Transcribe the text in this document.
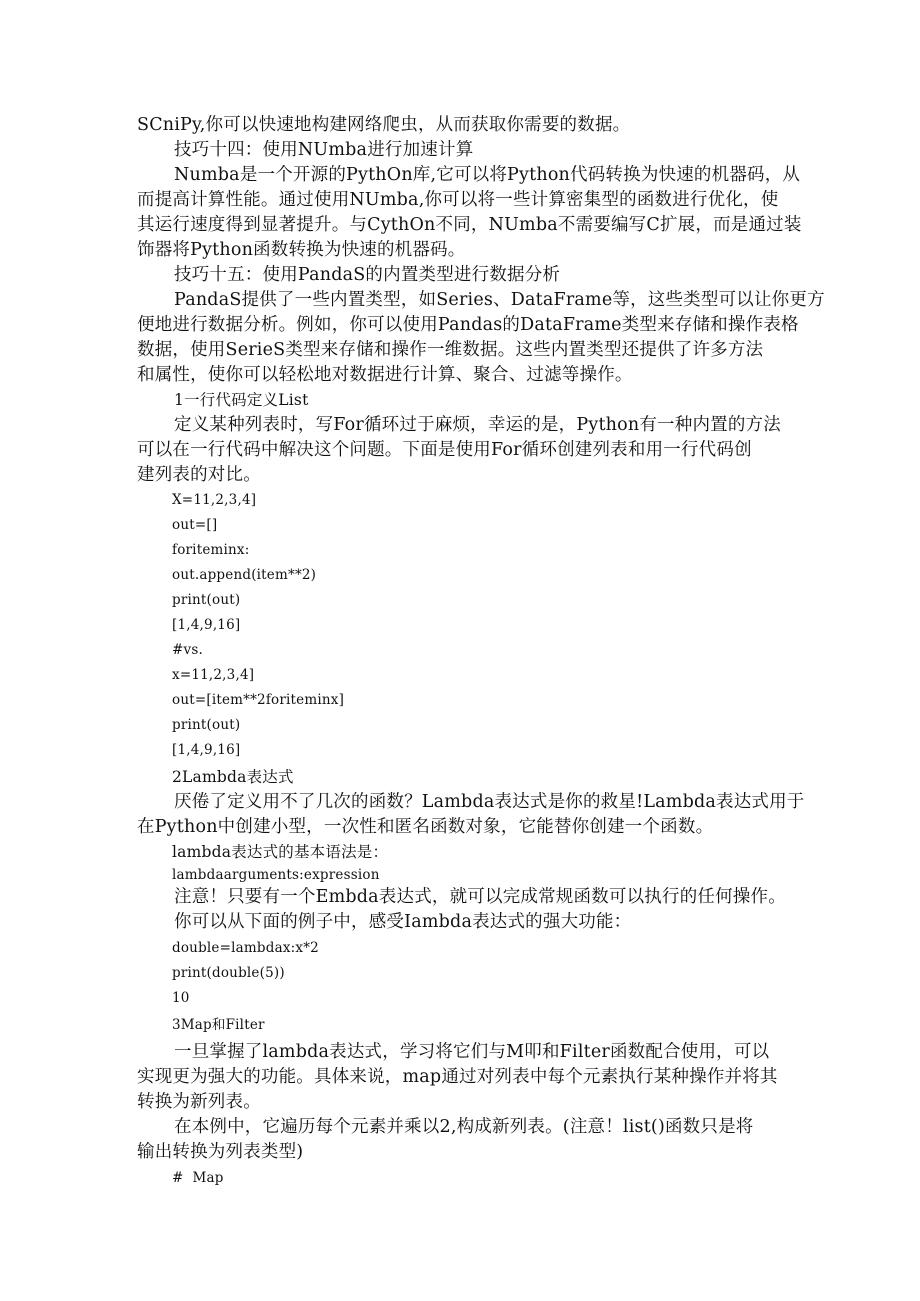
SCniPy,你可以快速地构建网络爬虫，从而获取你需要的数据。
技巧十四：使用NUmba进行加速计算
Numba是一个开源的PythOn库,它可以将Python代码转换为快速的机器码，从
而提高计算性能。通过使用NUmba,你可以将一些计算密集型的函数进行优化，使
其运行速度得到显著提升。与CythOn不同，NUmba不需要编写C扩展，而是通过装
饰器将Python函数转换为快速的机器码。
技巧十五：使用PandaS的内置类型进行数据分析
PandaS提供了一些内置类型，如Series、DataFrame等，这些类型可以让你更方
便地进行数据分析。例如，你可以使用Pandas的DataFrame类型来存储和操作表格
数据，使用SerieS类型来存储和操作一维数据。这些内置类型还提供了许多方法
和属性，使你可以轻松地对数据进行计算、聚合、过滤等操作。
1一行代码定义List
定义某种列表时，写For循环过于麻烦，幸运的是，Python有一种内置的方法
可以在一行代码中解决这个问题。下面是使用For循环创建列表和用一行代码创
建列表的对比。
X=11,2,3,4]
out=[]
foriteminx:
out.append(item**2)
print(out)
[1,4,9,16]
#vs.
x=11,2,3,4]
out=[item**2foriteminx]
print(out)
[1,4,9,16]
2Lambda表达式
厌倦了定义用不了几次的函数？Lambda表达式是你的救星!Lambda表达式用于
在Python中创建小型，一次性和匿名函数对象，它能替你创建一个函数。
lambda表达式的基本语法是：
lambdaarguments:expression
注意！只要有一个Embda表达式，就可以完成常规函数可以执行的任何操作。
你可以从下面的例子中，感受Iambda表达式的强大功能：
double=lambdax:x*2
print(double(5))
10
3Map和Filter
一旦掌握了lambda表达式，学习将它们与M叩和Filter函数配合使用，可以
实现更为强大的功能。具体来说，map通过对列表中每个元素执行某种操作并将其
转换为新列表。
在本例中，它遍历每个元素并乘以2,构成新列表。(注意！list()函数只是将
输出转换为列表类型)
#  Map
